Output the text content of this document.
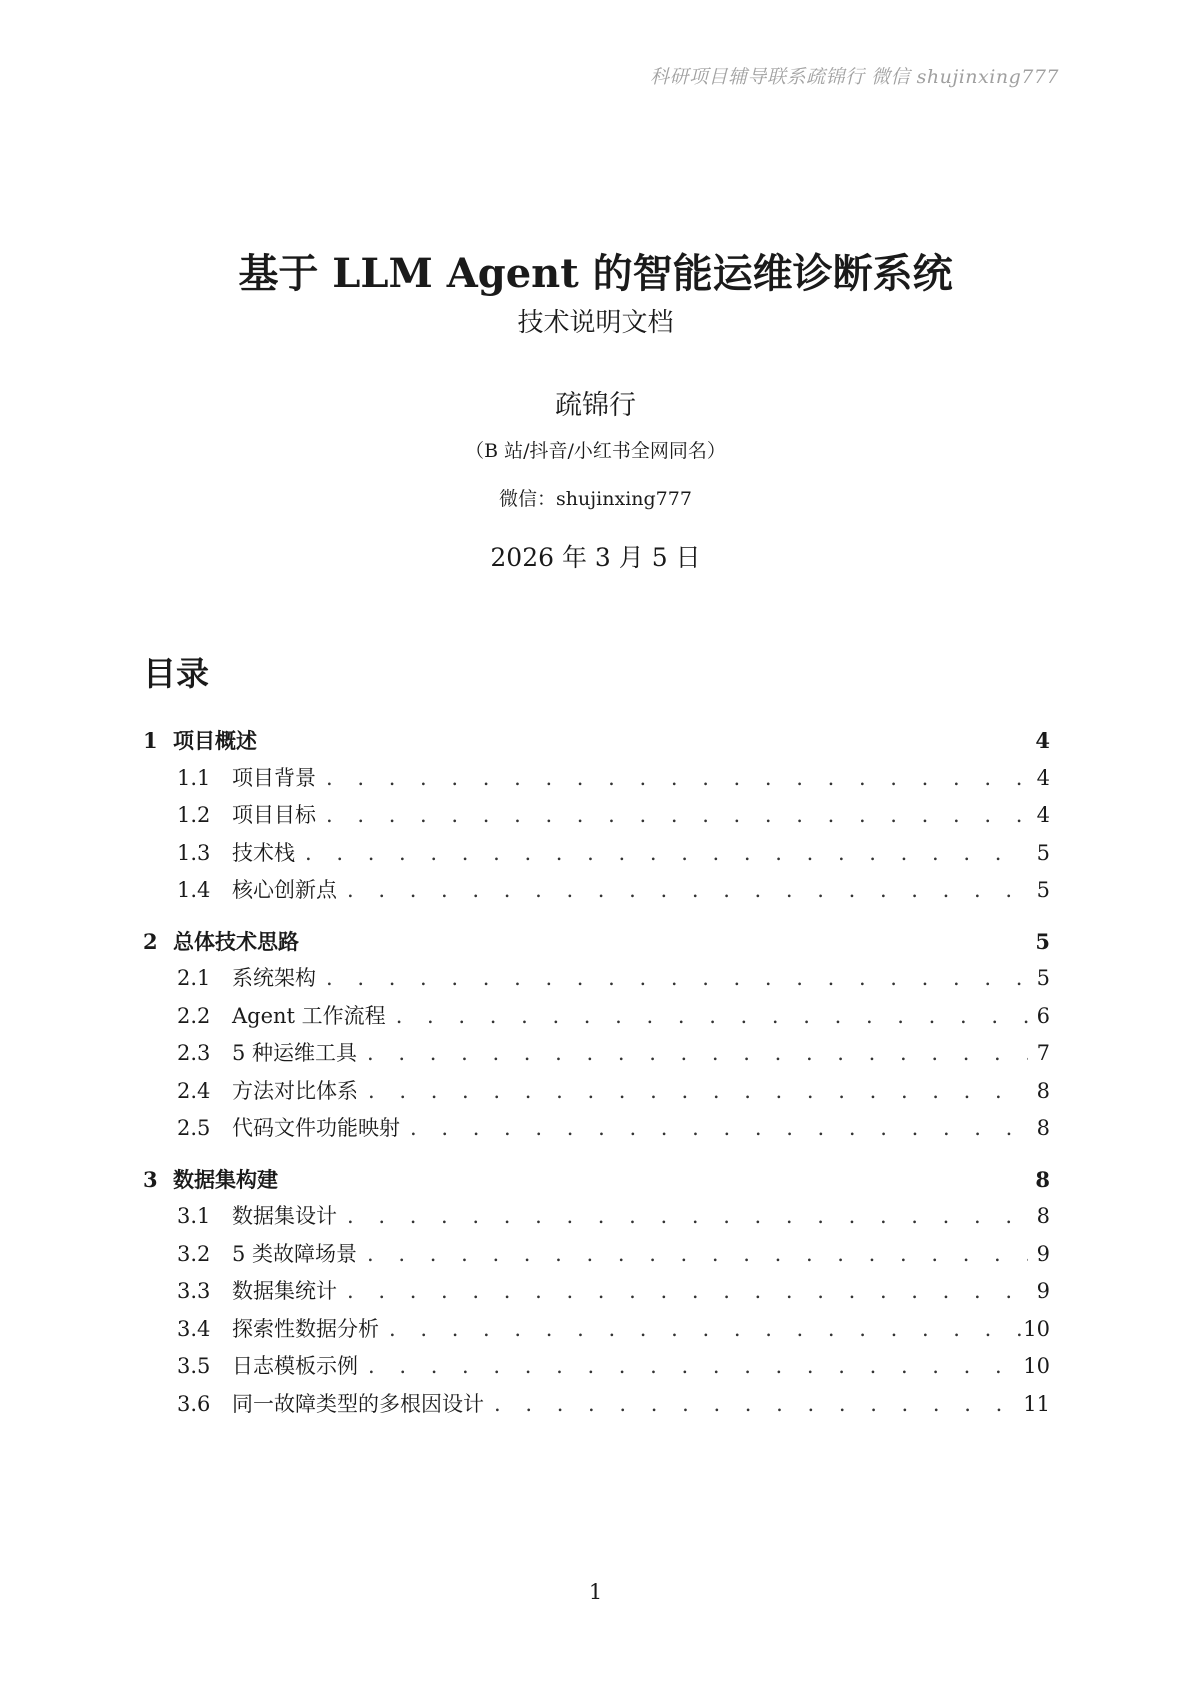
科研项目辅导联系疏锦行 微信 shujinxing777
基于 LLM Agent 的智能运维诊断系统
技术说明文档
疏锦行
（B 站/抖音/小红书全网同名）
微信：shujinxing777
2026 年 3 月 5 日
目录
1 项目概述	4
1.1	项目背景 . . .	4
1.2	项目目标 . . .	4
1.3	技术栈 . . .	5
1.4	核心创新点 . . .	5
2 总体技术思路	5
2.1	系统架构 . . .	5
2.2	Agent 工作流程 . . .	6
2.3	5 种运维工具 . . .	7
2.4	方法对比体系 . . .	8
2.5	代码文件功能映射 . . .	8
3 数据集构建	8
3.1	数据集设计 . . .	8
3.2	5 类故障场景 . . .	9
3.3	数据集统计 . . .	9
3.4	探索性数据分析 . . .	10
3.5	日志模板示例 . . .	10
3.6	同一故障类型的多根因设计 . . .	11
1
